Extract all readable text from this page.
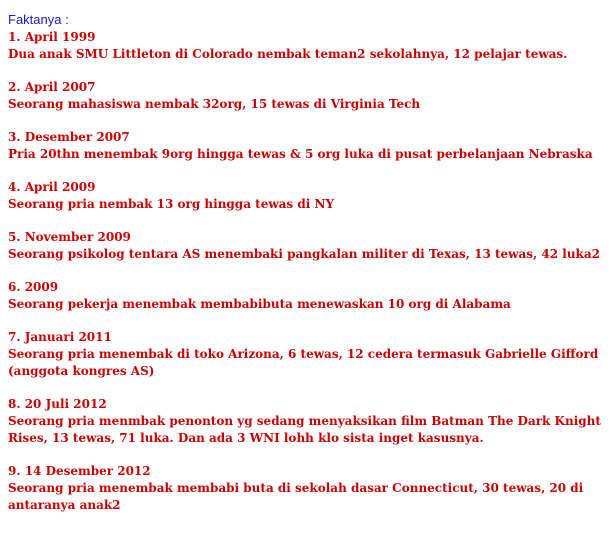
Faktanya :
1. April 1999
Dua anak SMU Littleton di Colorado nembak teman2 sekolahnya, 12 pelajar tewas.
2. April 2007
Seorang mahasiswa nembak 32org, 15 tewas di Virginia Tech
3. Desember 2007
Pria 20thn menembak 9org hingga tewas & 5 org luka di pusat perbelanjaan Nebraska
4. April 2009
Seorang pria nembak 13 org hingga tewas di NY
5. November 2009
Seorang psikolog tentara AS menembaki pangkalan militer di Texas, 13 tewas, 42 luka2
6. 2009
Seorang pekerja menembak membabibuta menewaskan 10 org di Alabama
7. Januari 2011
Seorang pria menembak di toko Arizona, 6 tewas, 12 cedera termasuk Gabrielle Gifford (anggota kongres AS)
8. 20 Juli 2012
Seorang pria menmbak penonton yg sedang menyaksikan film Batman The Dark Knight Rises, 13 tewas, 71 luka. Dan ada 3 WNI lohh klo sista inget kasusnya.
9. 14 Desember 2012
Seorang pria menembak membabi buta di sekolah dasar Connecticut, 30 tewas, 20 di antaranya anak2
